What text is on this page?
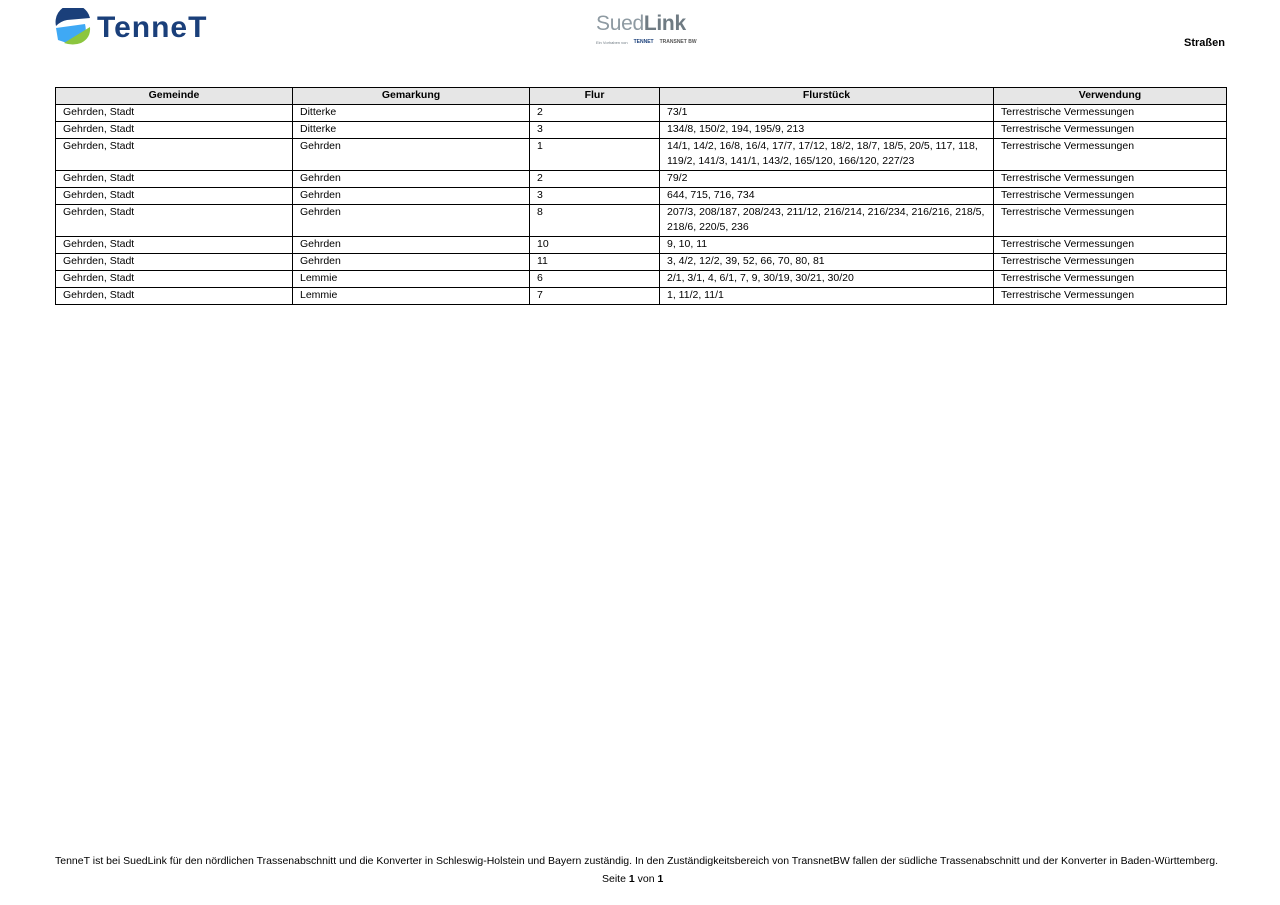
TenneT	SuedLink
Ein Vorhaben von TENNET TRANSNET BW	Straßen
Gemeinde	Gemarkung	Flur	Flurstück	Verwendung
Gehrden, Stadt	Ditterke	2	73/1	Terrestrische Vermessungen
Gehrden, Stadt	Ditterke	3	134/8, 150/2, 194, 195/9, 213	Terrestrische Vermessungen
Gehrden, Stadt	Gehrden	1	14/1, 14/2, 16/8, 16/4, 17/7, 17/12, 18/2, 18/7, 18/5, 20/5, 117, 118, 119/2, 141/3, 141/1, 143/2, 165/120, 166/120, 227/23	Terrestrische Vermessungen
Gehrden, Stadt	Gehrden	2	79/2	Terrestrische Vermessungen
Gehrden, Stadt	Gehrden	3	644, 715, 716, 734	Terrestrische Vermessungen
Gehrden, Stadt	Gehrden	8	207/3, 208/187, 208/243, 211/12, 216/214, 216/234, 216/216, 218/5, 218/6, 220/5, 236	Terrestrische Vermessungen
Gehrden, Stadt	Gehrden	10	9, 10, 11	Terrestrische Vermessungen
Gehrden, Stadt	Gehrden	11	3, 4/2, 12/2, 39, 52, 66, 70, 80, 81	Terrestrische Vermessungen
Gehrden, Stadt	Lemmie	6	2/1, 3/1, 4, 6/1, 7, 9, 30/19, 30/21, 30/20	Terrestrische Vermessungen
Gehrden, Stadt	Lemmie	7	1, 11/2, 11/1	Terrestrische Vermessungen
TenneT ist bei SuedLink für den nördlichen Trassenabschnitt und die Konverter in Schleswig-Holstein und Bayern zuständig. In den Zuständigkeitsbereich von TransnetBW fallen der südliche Trassenabschnitt und der Konverter in Baden-Württemberg.
Seite 1 von 1
